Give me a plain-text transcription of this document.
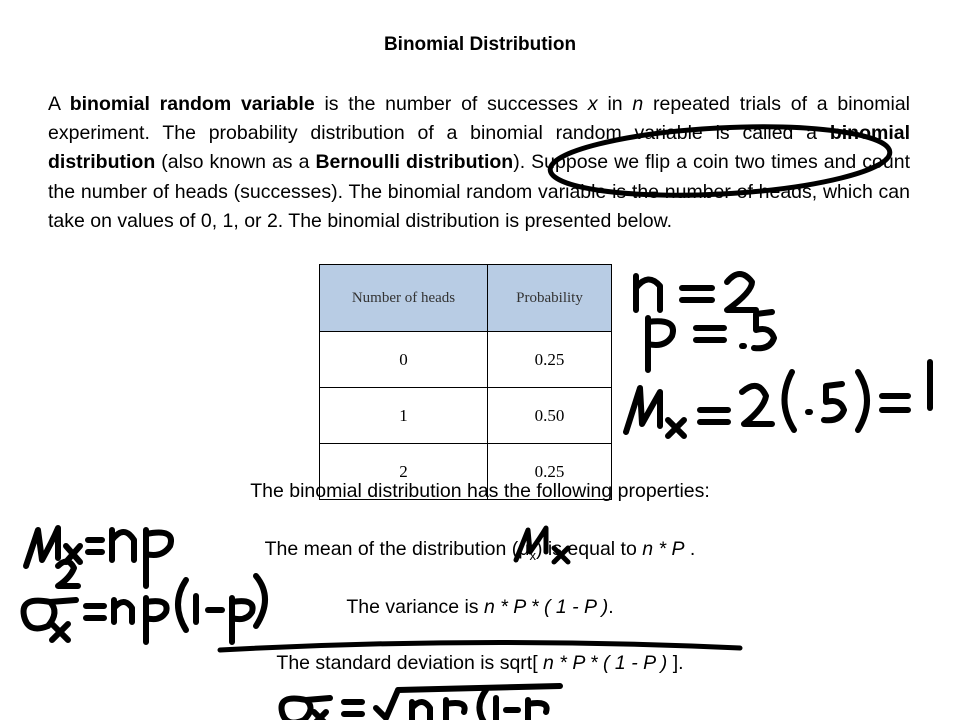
Binomial Distribution
A binomial random variable is the number of successes x in n repeated trials of a binomial experiment. The probability distribution of a binomial random variable is called a binomial distribution (also known as a Bernoulli distribution). Suppose we flip a coin two times and count the number of heads (successes). The binomial random variable is the number of heads, which can take on values of 0, 1, or 2. The binomial distribution is presented below.
Number of heads	Probability
0	0.25
1	0.50
2	0.25
The binomial distribution has the following properties:
The mean of the distribution $(\mu_x)$ is equal to n * P .
The variance is n * P * ( 1 - P ).
The standard deviation is sqrt[ n * P * ( 1 - P ) ].
